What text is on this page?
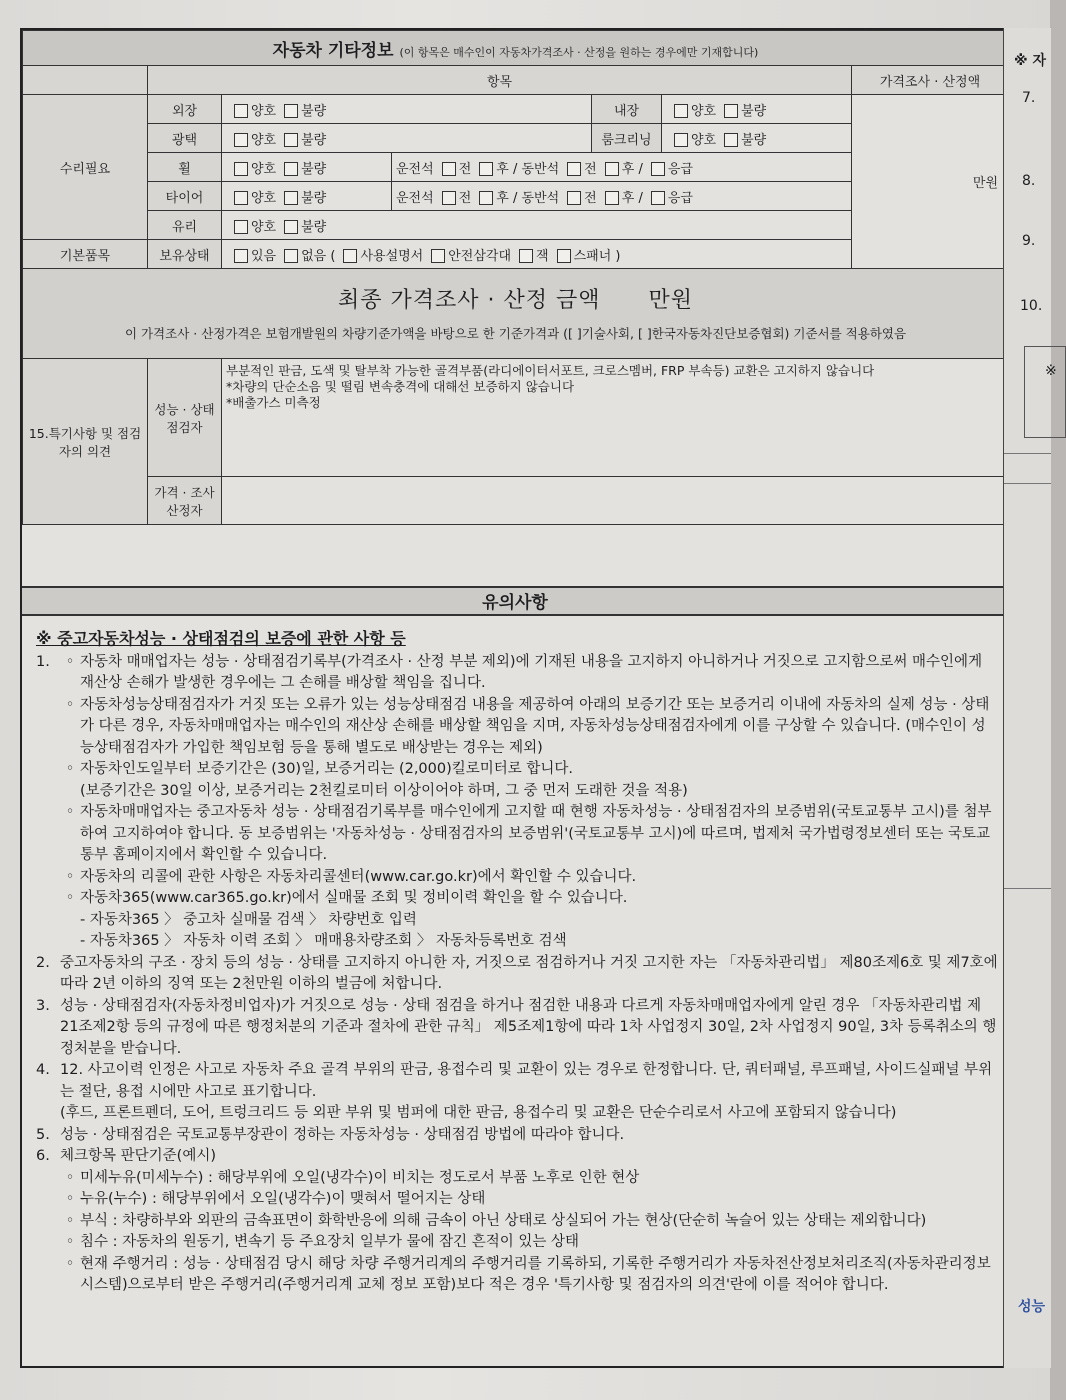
자동차 기타정보 (이 항목은 매수인이 자동차가격조사 · 산정을 원하는 경우에만 기재합니다)						
	항목					가격조사 · 산정액
수리필요	외장	양호 불량		내장	양호 불량	만원
	광택	양호 불량		룸크리닝	양호 불량	
	휠	양호 불량	운전석 전 후 / 동반석 전 후 / 응급			
	타이어	양호 불량	운전석 전 후 / 동반석 전 후 / 응급			
	유리	양호 불량				
기본품목	보유상태	있음 없음 ( 사용설명서 안전삼각대 잭 스패너 )				

최종 가격조사 · 산정 금액 만원
이 가격조사 · 산정가격은 보험개발원의 차량기준가액을 바탕으로 한 기준가격과 ([ ]기술사회, [ ]한국자동차진단보증협회) 기준서를 적용하였음						

15.특기사항 및 점검자의 의견	성능 · 상태 점검자	부분적인 판금, 도색 및 탈부착 가능한 골격부품(라디에이터서포트, 크로스멤버, FRP 부속등) 교환은 고지하지 않습니다
*차량의 단순소음 및 떨림 변속충격에 대해선 보증하지 않습니다
*배출가스 미측정				

	가격 · 조사 산정자					
유의사항

※ 중고자동차성능 · 상태점검의 보증에 관한 사항 등

1.	◦ 자동차 매매업자는 성능 · 상태점검기록부(가격조사 · 산정 부분 제외)에 기재된 내용을 고지하지 아니하거나 거짓으로 고지함으로써 매수인에게 재산상 손해가 발생한 경우에는 그 손해를 배상할 책임을 집니다.
◦ 자동차성능상태점검자가 거짓 또는 오류가 있는 성능상태점검 내용을 제공하여 아래의 보증기간 또는 보증거리 이내에 자동차의 실제 성능 · 상태가 다른 경우, 자동차매매업자는 매수인의 재산상 손해를 배상할 책임을 지며, 자동차성능상태점검자에게 이를 구상할 수 있습니다. (매수인이 성능상태점검자가 가입한 책임보험 등을 통해 별도로 배상받는 경우는 제외)
◦ 자동차인도일부터 보증기간은 (30)일, 보증거리는 (2,000)킬로미터로 합니다.
(보증기간은 30일 이상, 보증거리는 2천킬로미터 이상이어야 하며, 그 중 먼저 도래한 것을 적용)
◦ 자동차매매업자는 중고자동차 성능 · 상태점검기록부를 매수인에게 고지할 때 현행 자동차성능 · 상태점검자의 보증범위(국토교통부 고시)를 첨부하여 고지하여야 합니다. 동 보증범위는 '자동차성능 · 상태점검자의 보증범위'(국토교통부 고시)에 따르며, 법제처 국가법령정보센터 또는 국토교통부 홈페이지에서 확인할 수 있습니다.
◦ 자동차의 리콜에 관한 사항은 자동차리콜센터(www.car.go.kr)에서 확인할 수 있습니다.
◦ 자동차365(www.car365.go.kr)에서 실매물 조회 및 정비이력 확인을 할 수 있습니다.
- 자동차365 〉 중고차 실매물 검색 〉 차량번호 입력
- 자동차365 〉 자동차 이력 조회 〉 매매용차량조회 〉 자동차등록번호 검색
2. 중고자동차의 구조 · 장치 등의 성능 · 상태를 고지하지 아니한 자, 거짓으로 점검하거나 거짓 고지한 자는 「자동차관리법」 제80조제6호 및 제7호에 따라 2년 이하의 징역 또는 2천만원 이하의 벌금에 처합니다.
3. 성능 · 상태점검자(자동차정비업자)가 거짓으로 성능 · 상태 점검을 하거나 점검한 내용과 다르게 자동차매매업자에게 알린 경우 「자동차관리법 제21조제2항 등의 규정에 따른 행정처분의 기준과 절차에 관한 규칙」 제5조제1항에 따라 1차 사업정지 30일, 2차 사업정지 90일, 3차 등록취소의 행정처분을 받습니다.
4. 12. 사고이력 인정은 사고로 자동차 주요 골격 부위의 판금, 용접수리 및 교환이 있는 경우로 한정합니다. 단, 쿼터패널, 루프패널, 사이드실패널 부위는 절단, 용접 시에만 사고로 표기합니다.
(후드, 프론트펜더, 도어, 트렁크리드 등 외판 부위 및 범퍼에 대한 판금, 용접수리 및 교환은 단순수리로서 사고에 포함되지 않습니다)
5. 성능 · 상태점검은 국토교통부장관이 정하는 자동차성능 · 상태점검 방법에 따라야 합니다.
6. 체크항목 판단기준(예시)
◦ 미세누유(미세누수) : 해당부위에 오일(냉각수)이 비치는 정도로서 부품 노후로 인한 현상
◦ 누유(누수) : 해당부위에서 오일(냉각수)이 맺혀서 떨어지는 상태
◦ 부식 : 차량하부와 외판의 금속표면이 화학반응에 의해 금속이 아닌 상태로 상실되어 가는 현상(단순히 녹슬어 있는 상태는 제외합니다)
◦ 침수 : 자동차의 원동기, 변속기 등 주요장치 일부가 물에 잠긴 흔적이 있는 상태
◦ 현재 주행거리 : 성능 · 상태점검 당시 해당 차량 주행거리계의 주행거리를 기록하되, 기록한 주행거리가 자동차전산정보처리조직(자동차관리정보시스템)으로부터 받은 주행거리(주행거리계 교체 정보 포함)보다 적은 경우 '특기사항 및 점검자의 의견'란에 이를 적어야 합니다.
※ 자
7.
8.
9.
10.
※
성능
